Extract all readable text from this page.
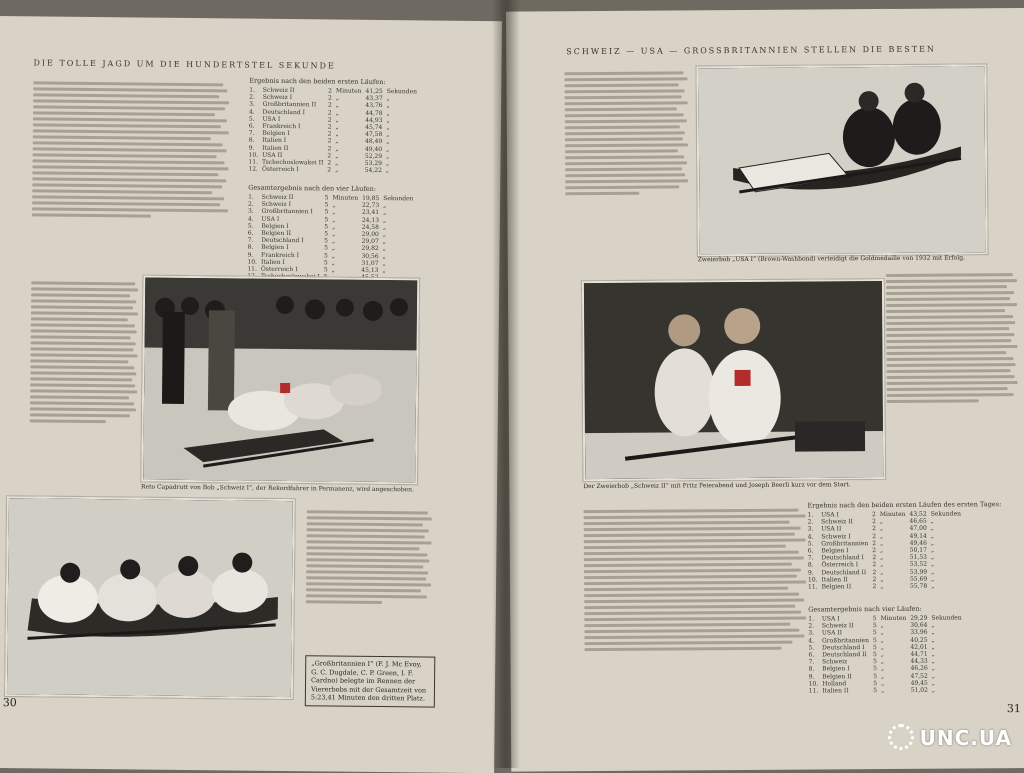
DIE TOLLE JAGD UM DIE HUNDERTSTEL SEKUNDE
Ergebnis nach den beiden ersten Läufen:
1.	Schweiz II	2	Minuten	41,25	Sekunden
2.	Schweiz I	2	„	43,37	„
3.	Großbritannien II	2	„	43,76	„
4.	Deutschland I	2	„	44,78	„
5.	USA I	2	„	44,93	„
6.	Frankreich I	2	„	45,74	„
7.	Belgien I	2	„	47,58	„
8.	Italien I	2	„	48,49	„
9.	Italien II	2	„	49,40	„
10.	USA II	2	„	52,29	„
11.	Tschechoslowakei II	2	„	53,29	„
12.	Österreich I	2	„	54,22	„
Gesamtergebnis nach den vier Läufen:
1.	Schweiz II	5	Minuten	19,85	Sekunden
2.	Schweiz I	5	„	22,73	„
3.	Großbritannien I	5	„	23,41	„
4.	USA I	5	„	24,13	„
5.	Belgien I	5	„	24,58	„
6.	Belgien II	5	„	29,00	„
7.	Deutschland I	5	„	29,07	„
8.	Belgien I	5	„	29,82	„
9.	Frankreich I	5	„	30,56	„
10.	Italien I	5	„	31,07	„
11.	Österreich I	5	„	45,13	„

Reto Capadrutt von Bob „Schweiz I“, der Rekordfahrer in Permanenz, wird angeschoben.
„Großbritannien I“ (F. J. Mc Evoy, G. C. Dugdale, C. P. Green, I. F. Cardno) belegte im Rennen der Viererbobs mit der Gesamtzeit von 5:23,41 Minuten den dritten Platz.
30
SCHWEIZ — USA — GROSSBRITANNIEN STELLEN DIE BESTEN
Zweierbob „USA I“ (Brown-Washbond) verteidigt die Goldmedaille von 1932 mit Erfolg.
Der Zweierbob „Schweiz II“ mit Fritz Feierabend und Joseph Beerli kurz vor dem Start.
Ergebnis nach den beiden ersten Läufen des ersten Tages:
1.	USA I	2	Minuten	43,52	Sekunden
2.	Schweiz II	2	„	46,65	„
3.	USA II	2	„	47,00	„
4.	Schweiz I	2	„	49,14	„
5.	Großbritannien	2	„	49,46	„
6.	Belgien I	2	„	50,17	„
7.	Deutschland I	2	„	51,53	„
8.	Österreich I	2	„	53,52	„
9.	Deutschland II	2	„	53,99	„
10.	Italien II	2	„	55,69	„
11.	Belgien II	2	„	55,78	„
Gesamtergebnis nach vier Läufen:
1.	USA I	5	Minuten	29,29	Sekunden
2.	Schweiz II	5	„	30,64	„
3.	USA II	5	„	33,96	„
4.	Großbritannien	5	„	40,25	„
5.	Deutschland I	5	„	42,01	„
6.	Deutschland II	5	„	44,71	„
7.	Schweiz	5	„	44,33	„
8.	Belgien I	5	„	46,26	„
9.	Belgien II	5	„	47,52	„
10.	Holland	5	„	49,45	„
11.	Italien II	5	„	51,02	„
31
UNC.UA
